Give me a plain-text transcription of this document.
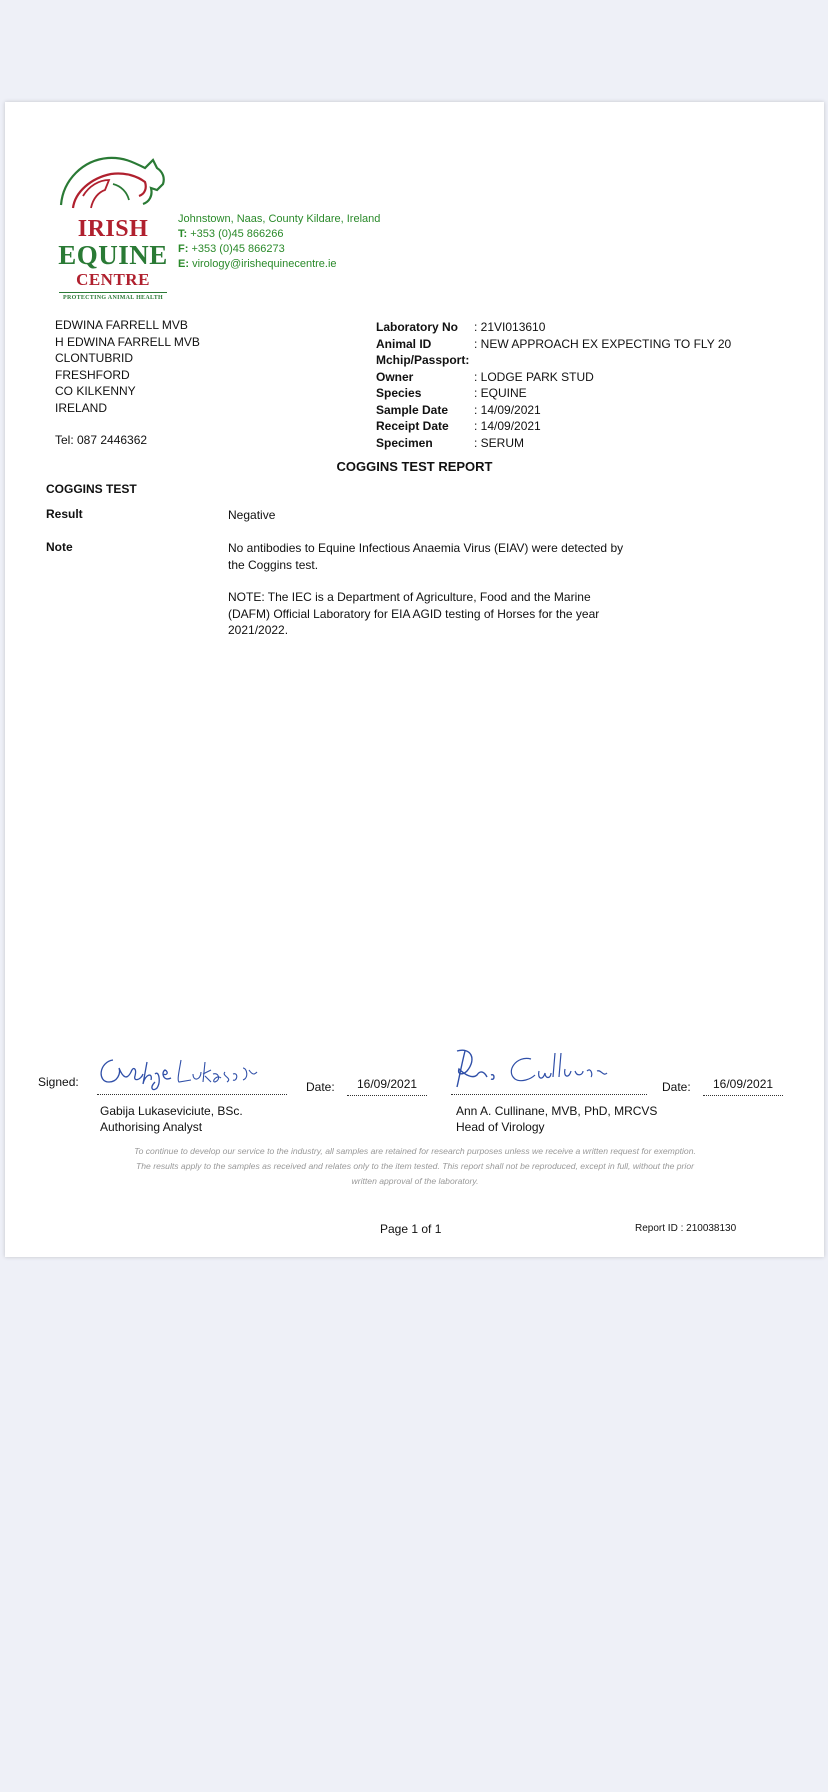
IRISH
EQUINE
CENTRE
PROTECTING ANIMAL HEALTH
Johnstown, Naas, County Kildare, Ireland
T: +353 (0)45 866266
F: +353 (0)45 866273
E: virology@irishequinecentre.ie
EDWINA FARRELL MVB
H EDWINA FARRELL MVB
CLONTUBRID
FRESHFORD
CO KILKENNY
IRELAND
Tel: 087 2446362
Laboratory No	: 21VI013610
Animal ID	: NEW APPROACH EX EXPECTING TO FLY 20
Mchip/Passport:
Owner	: LODGE PARK STUD
Species	: EQUINE
Sample Date	: 14/09/2021
Receipt Date	: 14/09/2021
Specimen	: SERUM
COGGINS TEST REPORT
COGGINS TEST
Result	Negative
Note	No antibodies to Equine Infectious Anaemia Virus (EIAV) were detected by
the Coggins test.
NOTE: The IEC is a Department of Agriculture, Food and the Marine
(DAFM) Official Laboratory for EIA AGID testing of Horses for the year
2021/2022.
Signed:	Date: 16/09/2021
Gabija Lukaseviciute, BSc.
Authorising Analyst
Date: 16/09/2021
Ann A. Cullinane, MVB, PhD, MRCVS
Head of Virology
To continue to develop our service to the industry, all samples are retained for research purposes unless we receive a written request for exemption.
The results apply to the samples as received and relates only to the item tested. This report shall not be reproduced, except in full, without the prior
written approval of the laboratory.
Page 1 of 1	Report ID : 210038130
